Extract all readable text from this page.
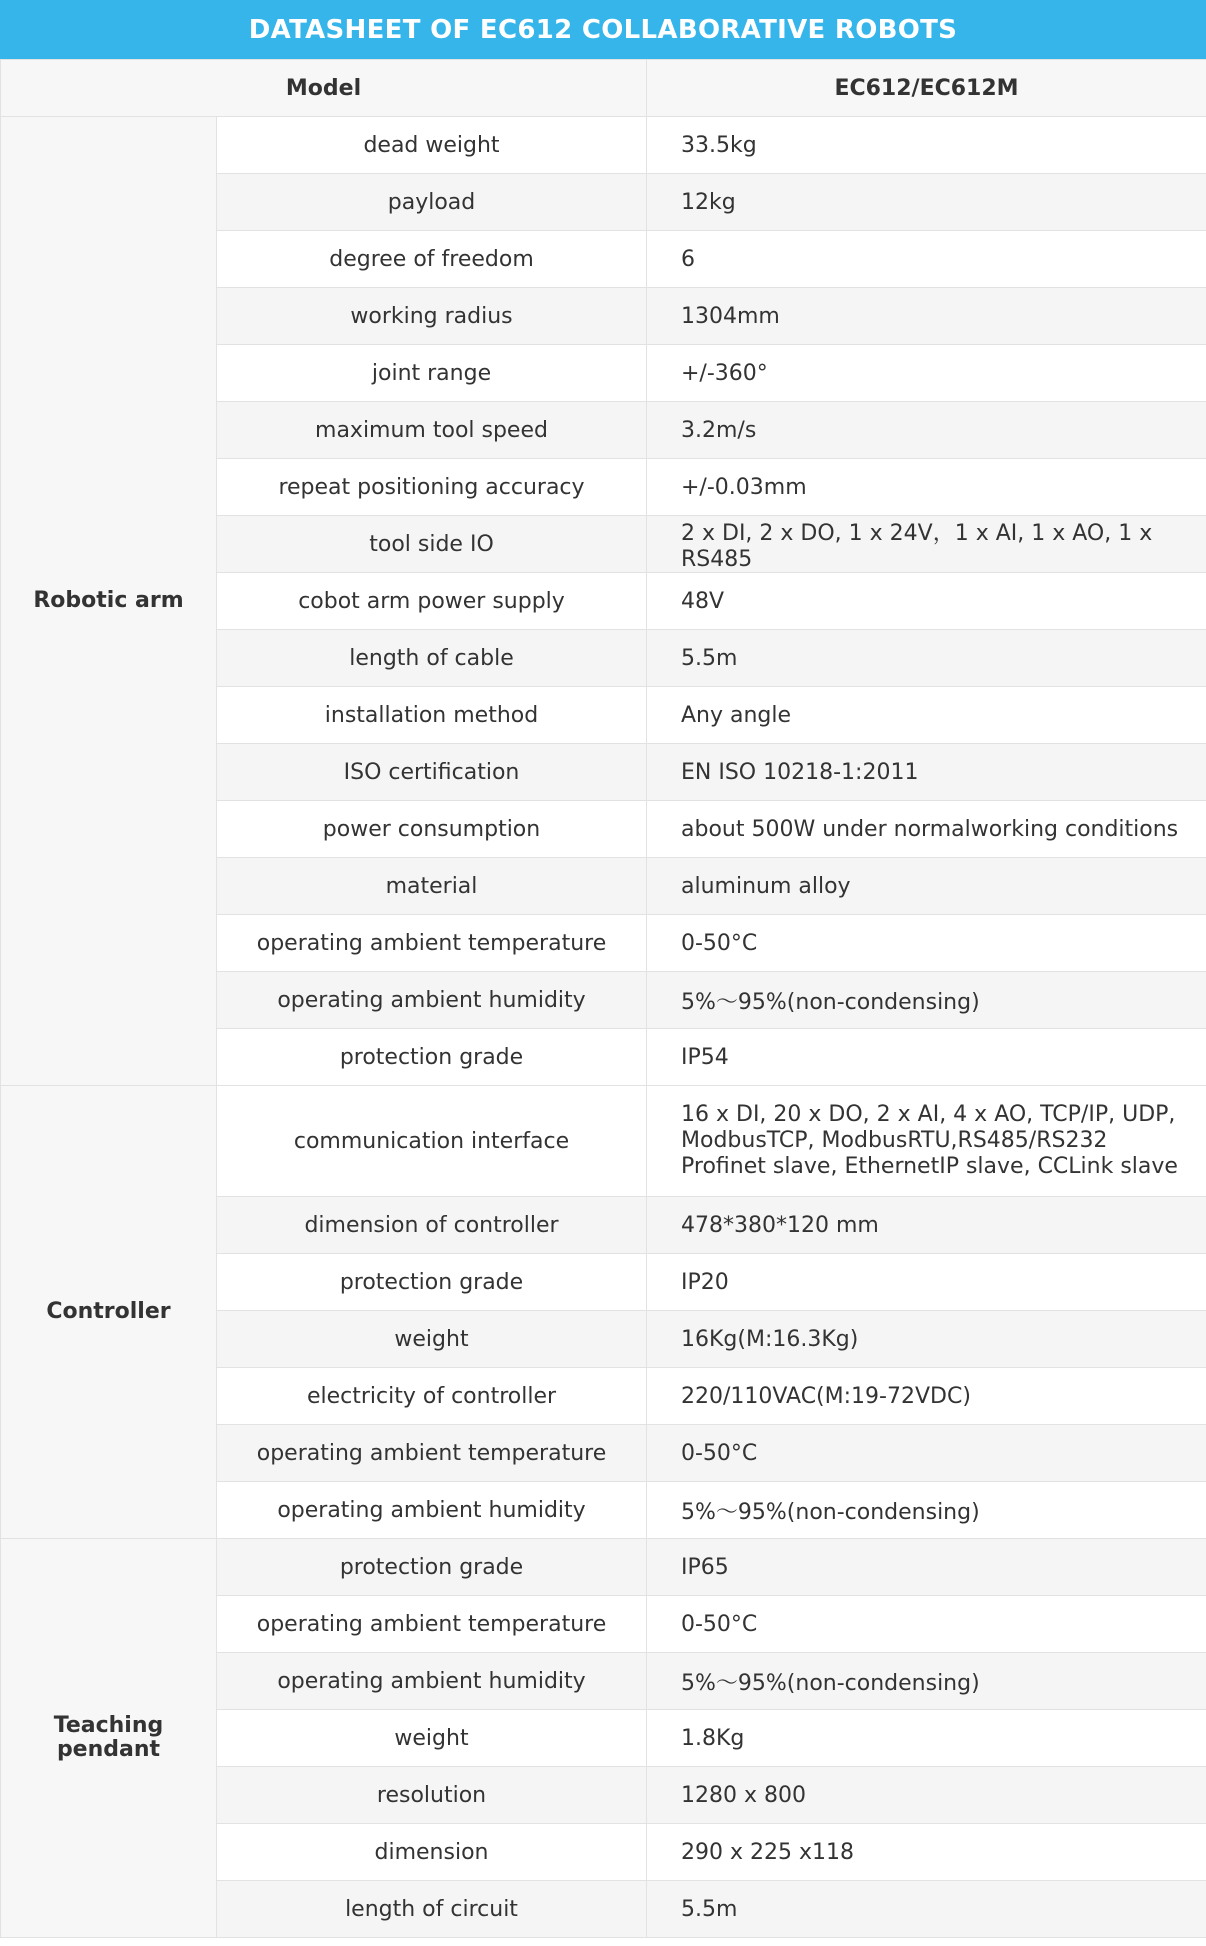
DATASHEET OF EC612 COLLABORATIVE ROBOTS
Model		EC612/EC612M
Robotic arm	dead weight	33.5kg
	payload	12kg
	degree of freedom	6
	working radius	1304mm
	joint range	+/-360°
	maximum tool speed	3.2m/s
	repeat positioning accuracy	+/-0.03mm
	tool side IO	2 x DI, 2 x DO, 1 x 24V，1 x AI, 1 x AO, 1 x RS485
	cobot arm power supply	48V
	length of cable	5.5m
	installation method	Any angle
	ISO certification	EN ISO 10218-1:2011
	power consumption	about 500W under normalworking conditions
	material	aluminum alloy
	operating ambient temperature	0-50°C
	operating ambient humidity	5%～95%(non-condensing)
	protection grade	IP54
Controller	communication interface	16 x DI, 20 x DO, 2 x AI, 4 x AO, TCP/IP, UDP,
ModbusTCP, ModbusRTU,RS485/RS232
Profinet slave, EthernetIP slave, CCLink slave

	dimension of controller	478*380*120 mm
	protection grade	IP20
	weight	16Kg(M:16.3Kg)
	electricity of controller	220/110VAC(M:19-72VDC)
	operating ambient temperature	0-50°C
	operating ambient humidity	5%～95%(non-condensing)

Teaching
pendant	protection grade	IP65
	operating ambient temperature	0-50°C
	operating ambient humidity	5%～95%(non-condensing)
	weight	1.8Kg
	resolution	1280 x 800
	dimension	290 x 225 x118
	length of circuit	5.5m
